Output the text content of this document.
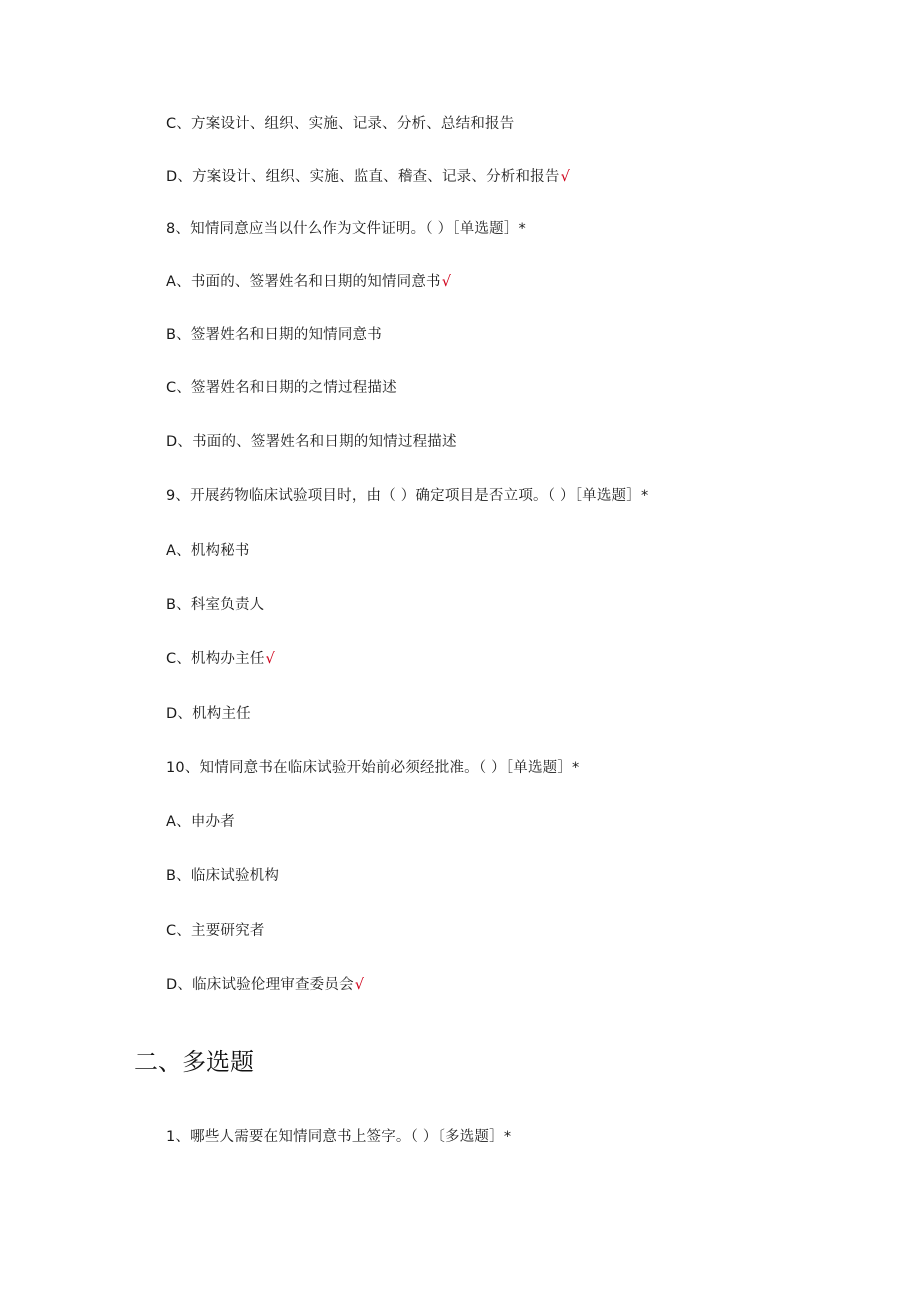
C、方案设计、组织、实施、记录、分析、总结和报告
D、方案设计、组织、实施、监直、稽查、记录、分析和报告√
8、知情同意应当以什么作为文件证明。（ ）［单选题］*
A、书面的、签署姓名和日期的知情同意书√
B、签署姓名和日期的知情同意书
C、签署姓名和日期的之情过程描述
D、书面的、签署姓名和日期的知情过程描述
9、开展药物临床试验项目时，由（ ）确定项目是否立项。（ ）［单选题］*
A、机构秘书
B、科室负责人
C、机构办主任√
D、机构主任
10、知情同意书在临床试验开始前必须经批准。（ ）［单选题］*
A、申办者
B、临床试验机构
C、主要研究者
D、临床试验伦理审查委员会√
二、多选题
1、哪些人需要在知情同意书上签字。（ ）〔多选题］*
